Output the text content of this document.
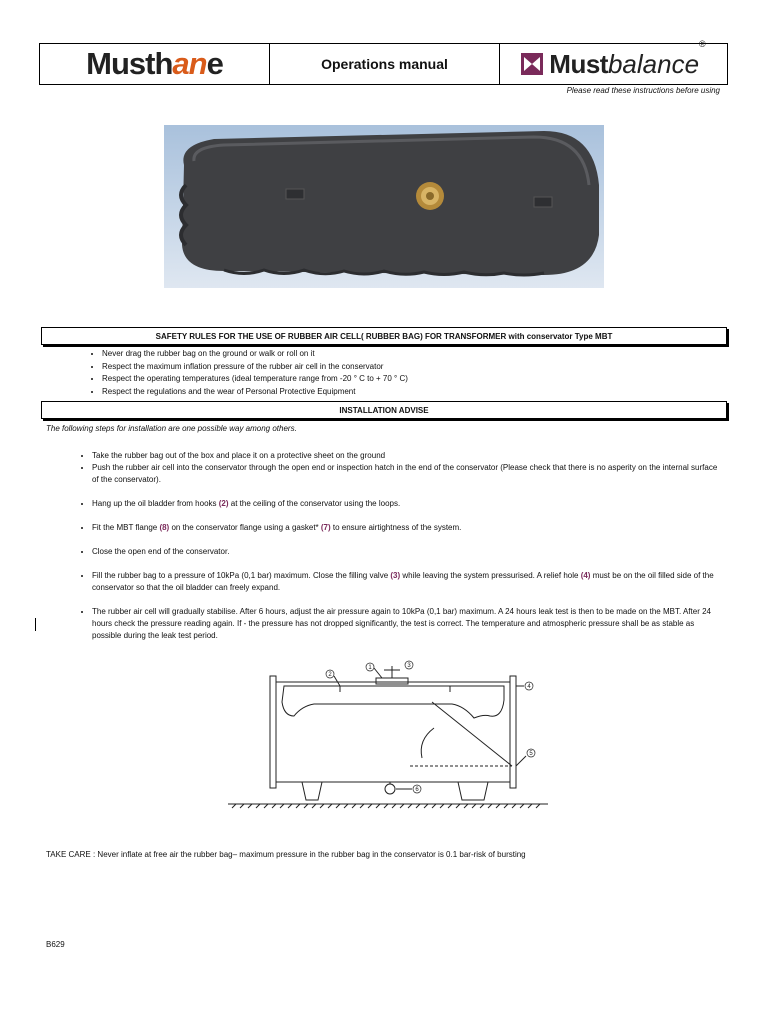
Musthane	Operations manual	Mustbalance®
Please read these instructions before using
SAFETY RULES FOR THE USE OF RUBBER AIR CELL( RUBBER BAG) FOR TRANSFORMER with conservator Type MBT
• Never drag the rubber bag on the ground or walk or roll on it
• Respect the maximum inflation pressure of the rubber air cell in the conservator
• Respect the operating temperatures (ideal temperature range from -20 ° C to + 70 ° C)
• Respect the regulations and the wear of Personal Protective Equipment
INSTALLATION ADVISE
The following steps for installation are one possible way among others.
• Take the rubber bag out of the box and place it on a protective sheet on the ground
• Push the rubber air cell into the conservator through the open end or inspection hatch in the end of the conservator (Please check that there is no asperity on the internal surface of the conservator).
• Hang up the oil bladder from hooks (2) at the ceiling of the conservator using the loops.
• Fit the MBT flange (8) on the conservator flange using a gasket* (7) to ensure airtightness of the system.
• Close the open end of the conservator.
• Fill the rubber bag to a pressure of 10kPa (0,1 bar) maximum. Close the filling valve (3) while leaving the system pressurised. A relief hole (4) must be on the oil filled side of the conservator so that the oil bladder can freely expand.
• The rubber air cell will gradually stabilise. After 6 hours, adjust the air pressure again to 10kPa (0,1 bar) maximum. A 24 hours leak test is then to be made on the MBT. After 24 hours check the pressure reading again. If - the pressure has not dropped significantly, the test is correct. The temperature and atmospheric pressure shall be as stable as possible during the leak test period.
1
2
3
4
5
6
TAKE CARE : Never inflate at free air the rubber bag– maximum pressure in the rubber bag in the conservator is 0.1 bar-risk of bursting
B629
